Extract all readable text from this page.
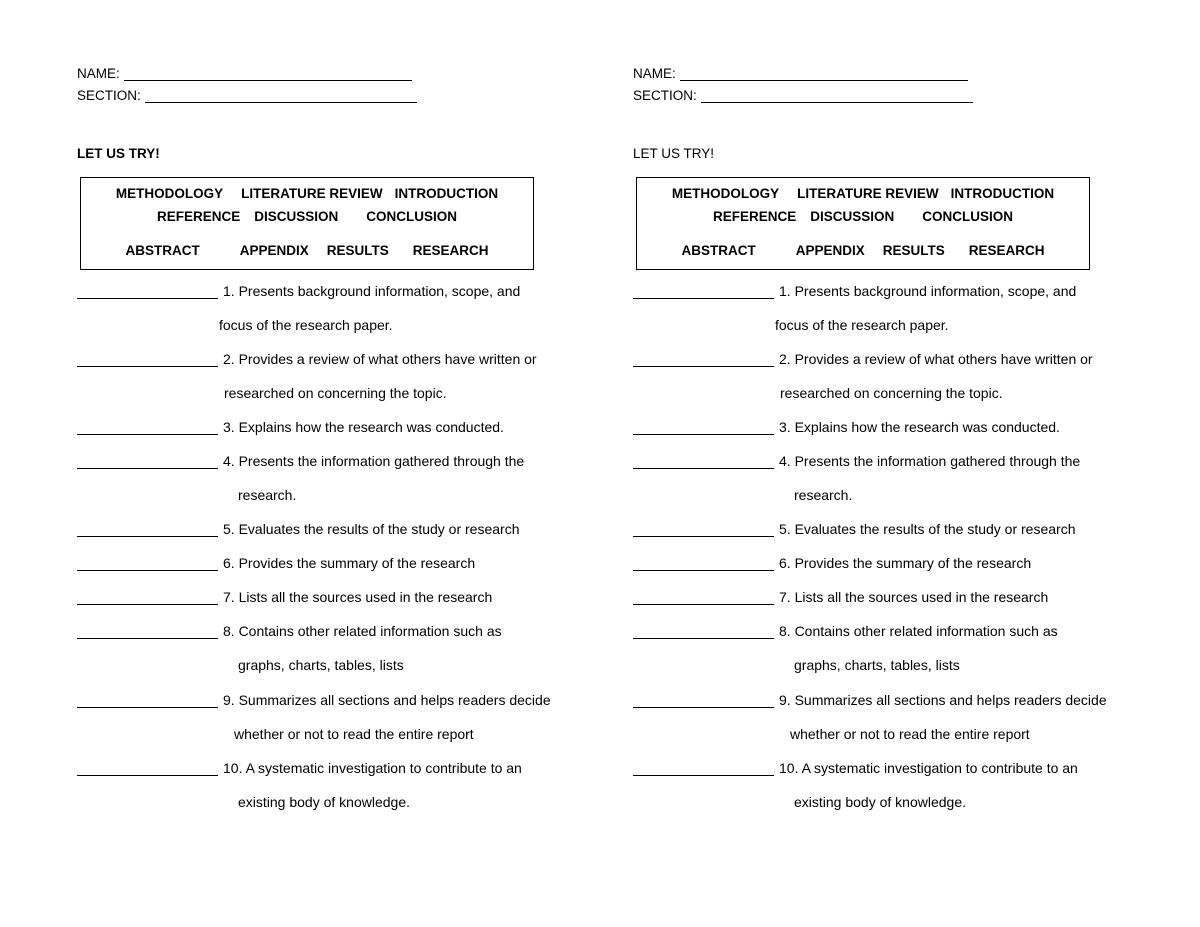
NAME:
SECTION:
LET US TRY!
METHODOLOGY LITERATURE REVIEW INTRODUCTION
REFERENCE DISCUSSION CONCLUSION
ABSTRACT	APPENDIX RESULTS RESEARCH
1. Presents background information, scope, and
focus of the research paper.
2. Provides a review of what others have written or
researched on concerning the topic.
3. Explains how the research was conducted.
4. Presents the information gathered through the
research.
5. Evaluates the results of the study or research
6. Provides the summary of the research
7. Lists all the sources used in the research
8. Contains other related information such as
graphs, charts, tables, lists
9. Summarizes all sections and helps readers decide
whether or not to read the entire report
10. A systematic investigation to contribute to an
existing body of knowledge.
NAME:
SECTION:
LET US TRY!
METHODOLOGY LITERATURE REVIEW INTRODUCTION
REFERENCE DISCUSSION CONCLUSION
ABSTRACT	APPENDIX RESULTS RESEARCH
1. Presents background information, scope, and
focus of the research paper.
2. Provides a review of what others have written or
researched on concerning the topic.
3. Explains how the research was conducted.
4. Presents the information gathered through the
research.
5. Evaluates the results of the study or research
6. Provides the summary of the research
7. Lists all the sources used in the research
8. Contains other related information such as
graphs, charts, tables, lists
9. Summarizes all sections and helps readers decide
whether or not to read the entire report
10. A systematic investigation to contribute to an
existing body of knowledge.
